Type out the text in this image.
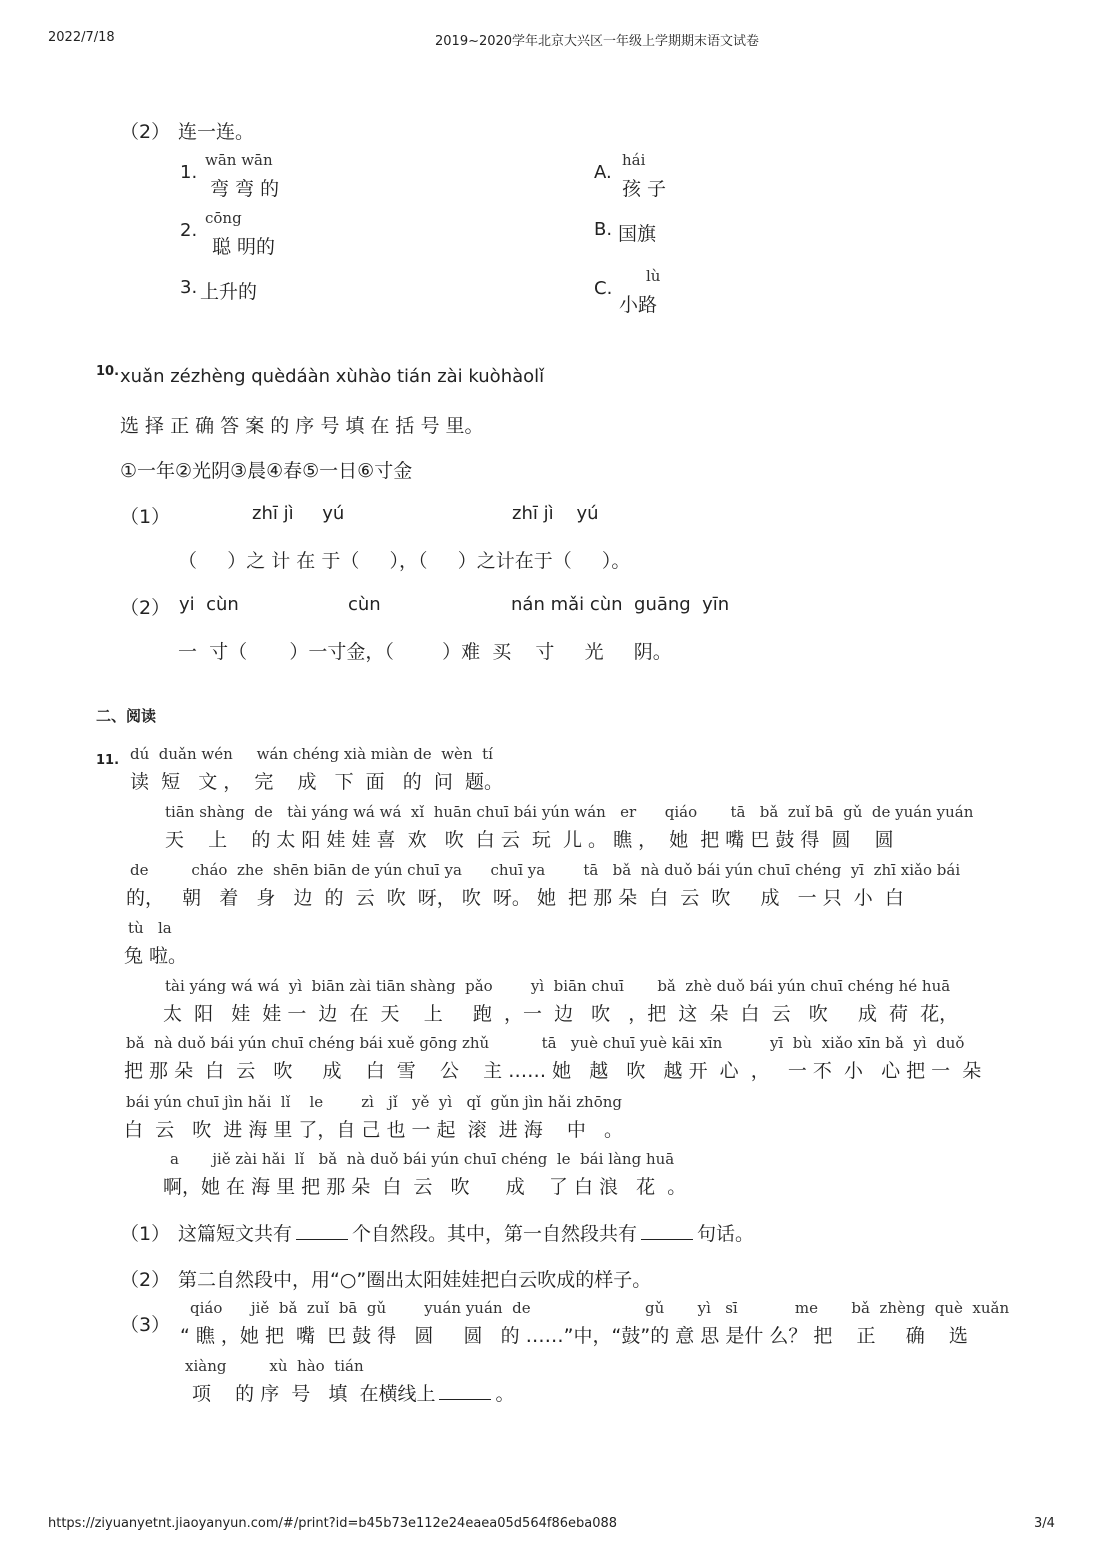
2022/7/18	2019~2020学年北京大兴区一年级上学期期末语文试卷
（2） 连一连。
wān wān
1.
弯 弯 的
cōng
2.
聪 明的
3. 上升的
hái
A.
孩 子
B. 国旗
lù
C.
小路
10. xuǎn zézhèng quèdáàn xùhào tián zài kuòhàolǐ
选 择 正 确 答 案 的 序 号 填 在 括 号 里。
①一年②光阴③晨④春⑤一日⑥寸金
（1）	zhī jì     yú	zhī jì    yú
（     ）之 计 在 于（     ），（     ）之计在于（     ）。
（2） yi  cùn	cùn	nán mǎi cùn  guāng  yīn
一  寸（       ）一寸金，（        ）难  买    寸     光     阴。
二、阅读
11. dú  duǎn wén     wán chéng xià miàn de  wèn  tí
读  短   文 ，  完    成   下  面   的  问  题。
tiān shàng  de   tài yáng wá wá  xǐ  huān chuī bái yún wán   er      qiáo       tā   bǎ  zuǐ bā  gǔ  de yuán yuán
天    上    的 太 阳 娃 娃 喜  欢   吹  白 云  玩  儿 。 瞧 ，  她  把 嘴 巴 鼓 得  圆    圆
de         cháo  zhe  shēn biān de yún chuī ya      chuī ya        tā   bǎ  nà duǒ bái yún chuī chéng  yī  zhī xiǎo bái
的，   朝   着   身   边  的  云  吹  呀， 吹  呀。 她  把 那 朵  白  云  吹     成   一 只  小  白
tù   la
兔 啦。
tài yáng wá wá  yì  biān zài tiān shàng  pǎo        yì  biān chuī       bǎ  zhè duǒ bái yún chuī chéng hé huā
太  阳   娃  娃 一  边  在  天    上     跑  ，一  边   吹   ，把  这  朵  白  云   吹     成  荷  花，
bǎ  nà duǒ bái yún chuī chéng bái xuě gōng zhǔ           tā   yuè chuī yuè kāi xīn          yī  bù  xiǎo xīn bǎ  yì  duǒ
把 那 朵  白  云   吹     成    白  雪    公    主 …… 她   越   吹   越 开  心  ，   一 不  小   心 把 一  朵
bái yún chuī jìn hǎi  lǐ    le        zì   jǐ   yě  yì   qǐ  gǔn jìn hǎi zhōng
白  云   吹  进 海 里 了，自 己 也 一 起  滚  进 海    中   。
a       jiě zài hǎi  lǐ   bǎ  nà duǒ bái yún chuī chéng  le  bái làng huā
啊，她 在 海 里 把 那 朵  白  云   吹      成    了 白 浪   花  。
（1） 这篇短文共有	个自然段。其中，第一自然段共有	句话。
（2） 第二自然段中，用“○”圈出太阳娃娃把白云吹成的样子。
（3）
qiáo      jiě  bǎ  zuǐ  bā  gǔ        yuán yuán  de                        gǔ       yì   sī            me       bǎ  zhèng  què  xuǎn
“ 瞧 ，她 把  嘴  巴 鼓 得   圆     圆   的 ……”中，“鼓”的 意 思 是什 么？ 把    正     确    选
xiàng         xù  hào  tián
项    的 序  号   填  在横线上	。
https://ziyuanyetnt.jiaoyanyun.com/#/print?id=b45b73e112e24eaea05d564f86eba088	3/4
